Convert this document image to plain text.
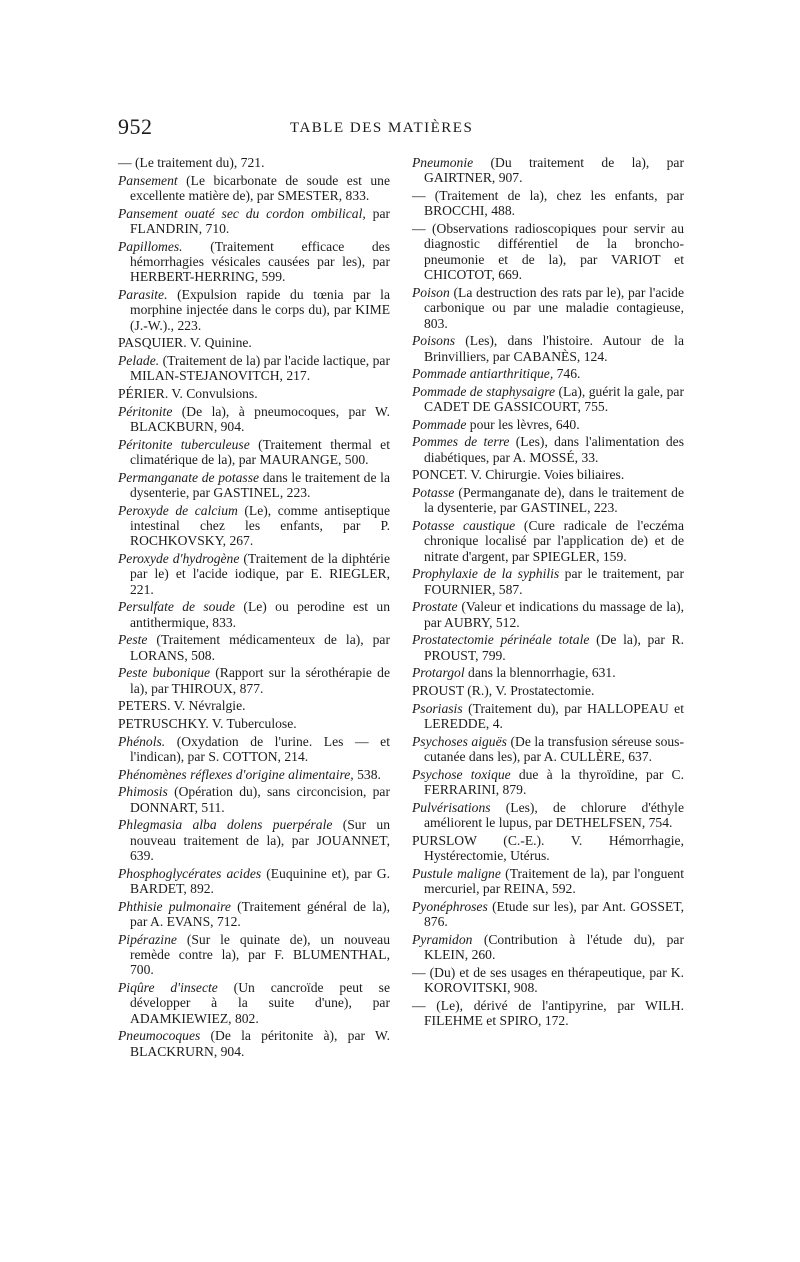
952	TABLE DES MATIÈRES

— (Le traitement du), 721.

Pansement (Le bicarbonate de soude est une excellente matière de), par SMESTER, 833.

Pansement ouaté sec du cordon ombilical, par FLANDRIN, 710.

Papillomes. (Traitement efficace des hémorrhagies vésicales causées par les), par HERBERT-HERRING, 599.

Parasite. (Expulsion rapide du tœnia par la morphine injectée dans le corps du), par KIME (J.-W.)., 223.

PASQUIER. V. Quinine.

Pelade. (Traitement de la) par l'acide lactique, par MILAN-STEJANOVITCH, 217.

PÉRIER. V. Convulsions.

Péritonite (De la), à pneumocoques, par W. BLACKBURN, 904.

Péritonite tuberculeuse (Traitement thermal et climatérique de la), par MAURANGE, 500.

Permanganate de potasse dans le traitement de la dysenterie, par GASTINEL, 223.

Peroxyde de calcium (Le), comme antiseptique intestinal chez les enfants, par P. ROCHKOVSKY, 267.

Peroxyde d'hydrogène (Traitement de la diphtérie par le) et l'acide iodique, par E. RIEGLER, 221.

Persulfate de soude (Le) ou perodine est un antithermique, 833.

Peste (Traitement médicamenteux de la), par LORANS, 508.

Peste bubonique (Rapport sur la sérothérapie de la), par THIROUX, 877.

PETERS. V. Névralgie.

PETRUSCHKY. V. Tuberculose.

Phénols. (Oxydation de l'urine. Les — et l'indican), par S. COTTON, 214.

Phénomènes réflexes d'origine alimentaire, 538.

Phimosis (Opération du), sans circoncision, par DONNART, 511.

Phlegmasia alba dolens puerpérale (Sur un nouveau traitement de la), par JOUANNET, 639.

Phosphoglycérates acides (Euquinine et), par G. BARDET, 892.

Phthisie pulmonaire (Traitement général de la), par A. EVANS, 712.

Pipérazine (Sur le quinate de), un nouveau remède contre la), par F. BLUMENTHAL, 700.

Piqûre d'insecte (Un cancroïde peut se développer à la suite d'une), par ADAMKIEWIEZ, 802.

Pneumocoques (De la péritonite à), par W. BLACKRURN, 904.

Pneumonie (Du traitement de la), par GAIRTNER, 907.

— (Traitement de la), chez les enfants, par BROCCHI, 488.

— (Observations radioscopiques pour servir au diagnostic différentiel de la broncho-pneumonie et de la), par VARIOT et CHICOTOT, 669.

Poison (La destruction des rats par le), par l'acide carbonique ou par une maladie contagieuse, 803.

Poisons (Les), dans l'histoire. Autour de la Brinvilliers, par CABANÈS, 124.

Pommade antiarthritique, 746.

Pommade de staphysaigre (La), guérit la gale, par CADET DE GASSICOURT, 755.

Pommade pour les lèvres, 640.

Pommes de terre (Les), dans l'alimentation des diabétiques, par A. MOSSÉ, 33.

PONCET. V. Chirurgie. Voies biliaires.

Potasse (Permanganate de), dans le traitement de la dysenterie, par GASTINEL, 223.

Potasse caustique (Cure radicale de l'eczéma chronique localisé par l'application de) et de nitrate d'argent, par SPIEGLER, 159.

Prophylaxie de la syphilis par le traitement, par FOURNIER, 587.

Prostate (Valeur et indications du massage de la), par AUBRY, 512.

Prostatectomie périnéale totale (De la), par R. PROUST, 799.

Protargol dans la blennorrhagie, 631.

PROUST (R.), V. Prostatectomie.

Psoriasis (Traitement du), par HALLOPEAU et LEREDDE, 4.

Psychoses aiguës (De la transfusion séreuse sous-cutanée dans les), par A. CULLÈRE, 637.

Psychose toxique due à la thyroïdine, par C. FERRARINI, 879.

Pulvérisations (Les), de chlorure d'éthyle améliorent le lupus, par DETHELFSEN, 754.

PURSLOW (C.-E.). V. Hémorrhagie, Hystérectomie, Utérus.

Pustule maligne (Traitement de la), par l'onguent mercuriel, par REINA, 592.

Pyonéphroses (Etude sur les), par Ant. GOSSET, 876.

Pyramidon (Contribution à l'étude du), par KLEIN, 260.

— (Du) et de ses usages en thérapeutique, par K. KOROVITSKI, 908.

— (Le), dérivé de l'antipyrine, par WILH. FILEHME et SPIRO, 172.
